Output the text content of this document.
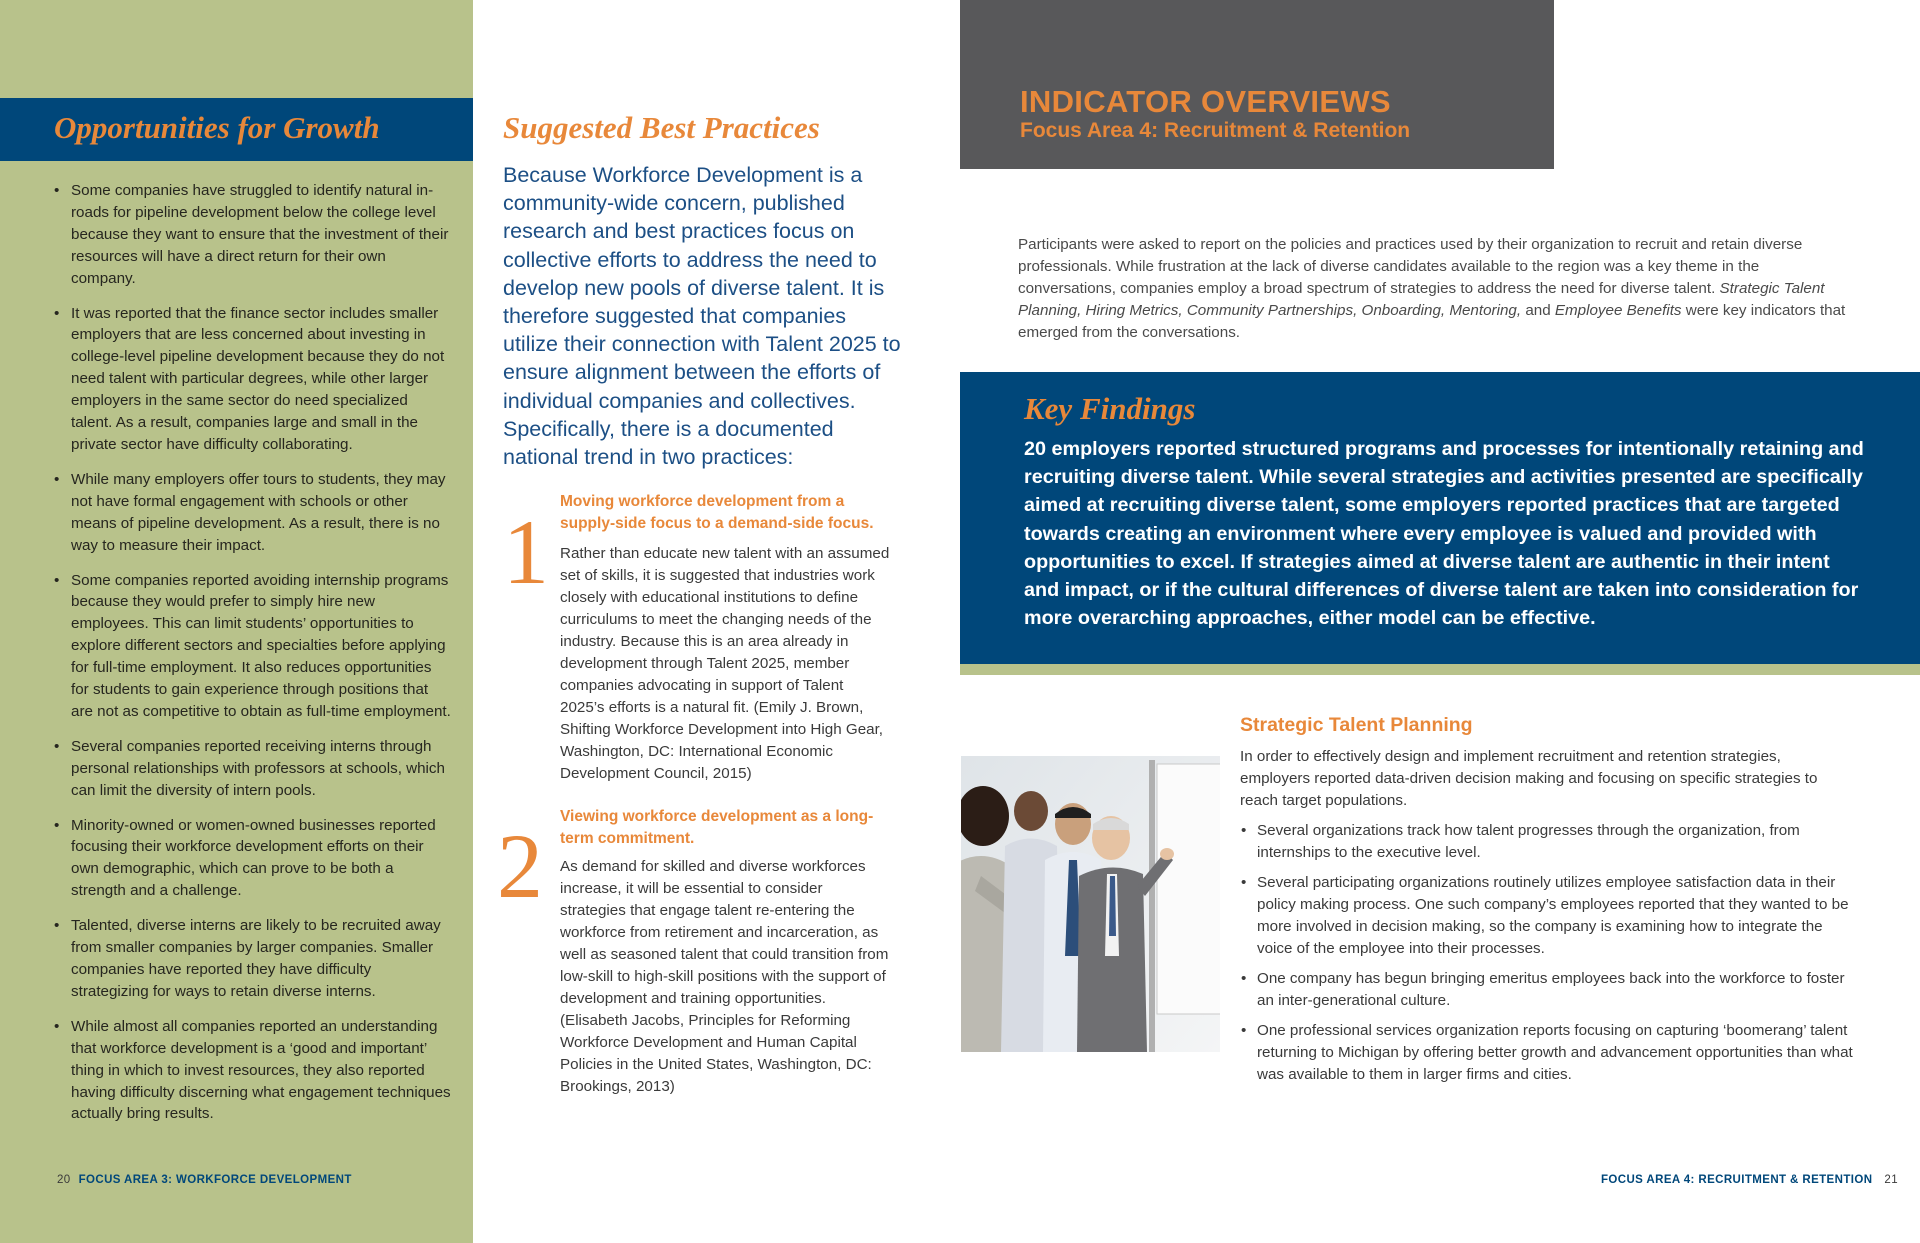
Opportunities for Growth
• Some companies have struggled to identify natural in-roads for pipeline development below the college level because they want to ensure that the investment of their resources will have a direct return for their own company.
• It was reported that the finance sector includes smaller employers that are less concerned about investing in college-level pipeline development because they do not need talent with particular degrees, while other larger employers in the same sector do need specialized talent. As a result, companies large and small in the private sector have difficulty collaborating.
• While many employers offer tours to students, they may not have formal engagement with schools or other means of pipeline development. As a result, there is no way to measure their impact.
• Some companies reported avoiding internship programs because they would prefer to simply hire new employees. This can limit students’ opportunities to explore different sectors and specialties before applying for full-time employment. It also reduces opportunities for students to gain experience through positions that are not as competitive to obtain as full-time employment.
• Several companies reported receiving interns through personal relationships with professors at schools, which can limit the diversity of intern pools.
• Minority-owned or women-owned businesses reported focusing their workforce development efforts on their own demographic, which can prove to be both a strength and a challenge.
• Talented, diverse interns are likely to be recruited away from smaller companies by larger companies. Smaller companies have reported they have difficulty strategizing for ways to retain diverse interns.
• While almost all companies reported an understanding that workforce development is a ‘good and important’ thing in which to invest resources, they also reported having difficulty discerning what engagement techniques actually bring results.
20 FOCUS AREA 3: WORKFORCE DEVELOPMENT
Suggested Best Practices

Because Workforce Development is a community-wide concern, published research and best practices focus on collective efforts to address the need to develop new pools of diverse talent. It is therefore suggested that companies utilize their connection with Talent 2025 to ensure alignment between the efforts of individual companies and collectives. Specifically, there is a documented national trend in two practices:

1 Moving workforce development from a supply-side focus to a demand-side focus.

Rather than educate new talent with an assumed set of skills, it is suggested that industries work closely with educational institutions to define curriculums to meet the changing needs of the industry. Because this is an area already in development through Talent 2025, member companies advocating in support of Talent 2025’s efforts is a natural fit. (Emily J. Brown, Shifting Workforce Development into High Gear, Washington, DC: International Economic Development Council, 2015)

2 Viewing workforce development as a long-term commitment.

As demand for skilled and diverse workforces increase, it will be essential to consider strategies that engage talent re-entering the workforce from retirement and incarceration, as well as seasoned talent that could transition from low-skill to high-skill positions with the support of development and training opportunities. (Elisabeth Jacobs, Principles for Reforming Workforce Development and Human Capital Policies in the United States, Washington, DC: Brookings, 2013)

INDICATOR OVERVIEWS
Focus Area 4: Recruitment & Retention

Participants were asked to report on the policies and practices used by their organization to recruit and retain diverse professionals. While frustration at the lack of diverse candidates available to the region was a key theme in the conversations, companies employ a broad spectrum of strategies to address the need for diverse talent. Strategic Talent Planning, Hiring Metrics, Community Partnerships, Onboarding, Mentoring, and Employee Benefits were key indicators that emerged from the conversations.

Key Findings

20 employers reported structured programs and processes for intentionally retaining and recruiting diverse talent. While several strategies and activities presented are specifically aimed at recruiting diverse talent, some employers reported practices that are targeted towards creating an environment where every employee is valued and provided with opportunities to excel. If strategies aimed at diverse talent are authentic in their intent and impact, or if the cultural differences of diverse talent are taken into consideration for more overarching approaches, either model can be effective.

Strategic Talent Planning

In order to effectively design and implement recruitment and retention strategies, employers reported data-driven decision making and focusing on specific strategies to reach target populations.

• Several organizations track how talent progresses through the organization, from internships to the executive level.
• Several participating organizations routinely utilizes employee satisfaction data in their policy making process. One such company’s employees reported that they wanted to be more involved in decision making, so the company is examining how to integrate the voice of the employee into their processes.
• One company has begun bringing emeritus employees back into the workforce to foster an inter-generational culture.
• One professional services organization reports focusing on capturing ‘boomerang’ talent returning to Michigan by offering better growth and advancement opportunities than what was available to them in larger firms and cities.
FOCUS AREA 4: RECRUITMENT & RETENTION 21
